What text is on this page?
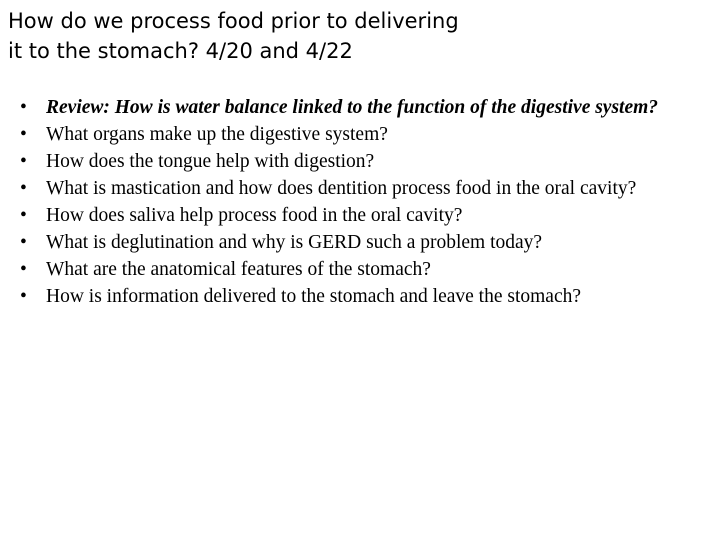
How do we process food prior to delivering
it to the stomach? 4/20 and 4/22
• Review: How is water balance linked to the function of the digestive system?
• What organs make up the digestive system?
• How does the tongue help with digestion?
• What is mastication and how does dentition process food in the oral cavity?
• How does saliva help process food in the oral cavity?
• What is deglutination and why is GERD such a problem today?
• What are the anatomical features of the stomach?
• How is information delivered to the stomach and leave the stomach?
